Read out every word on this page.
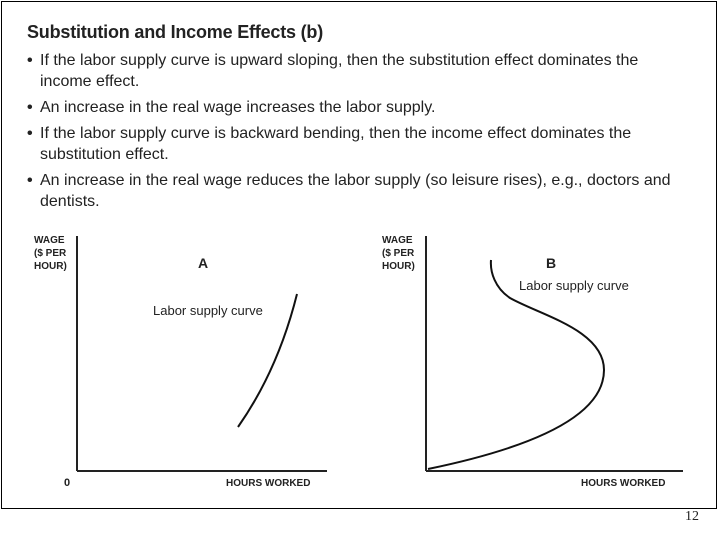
Substitution and Income Effects (b)
• If the labor supply curve is upward sloping, then the substitution effect dominates the income effect.
• An increase in the real wage increases the labor supply.
• If the labor supply curve is backward bending, then the income effect dominates the substitution effect.
• An increase in the real wage reduces the labor supply (so leisure rises), e.g., doctors and dentists.
WAGE
($ PER
HOUR)
0	HOURS WORKED
A
Labor supply curve
WAGE
($ PER
HOUR)
HOURS WORKED
B
Labor supply curve
12
